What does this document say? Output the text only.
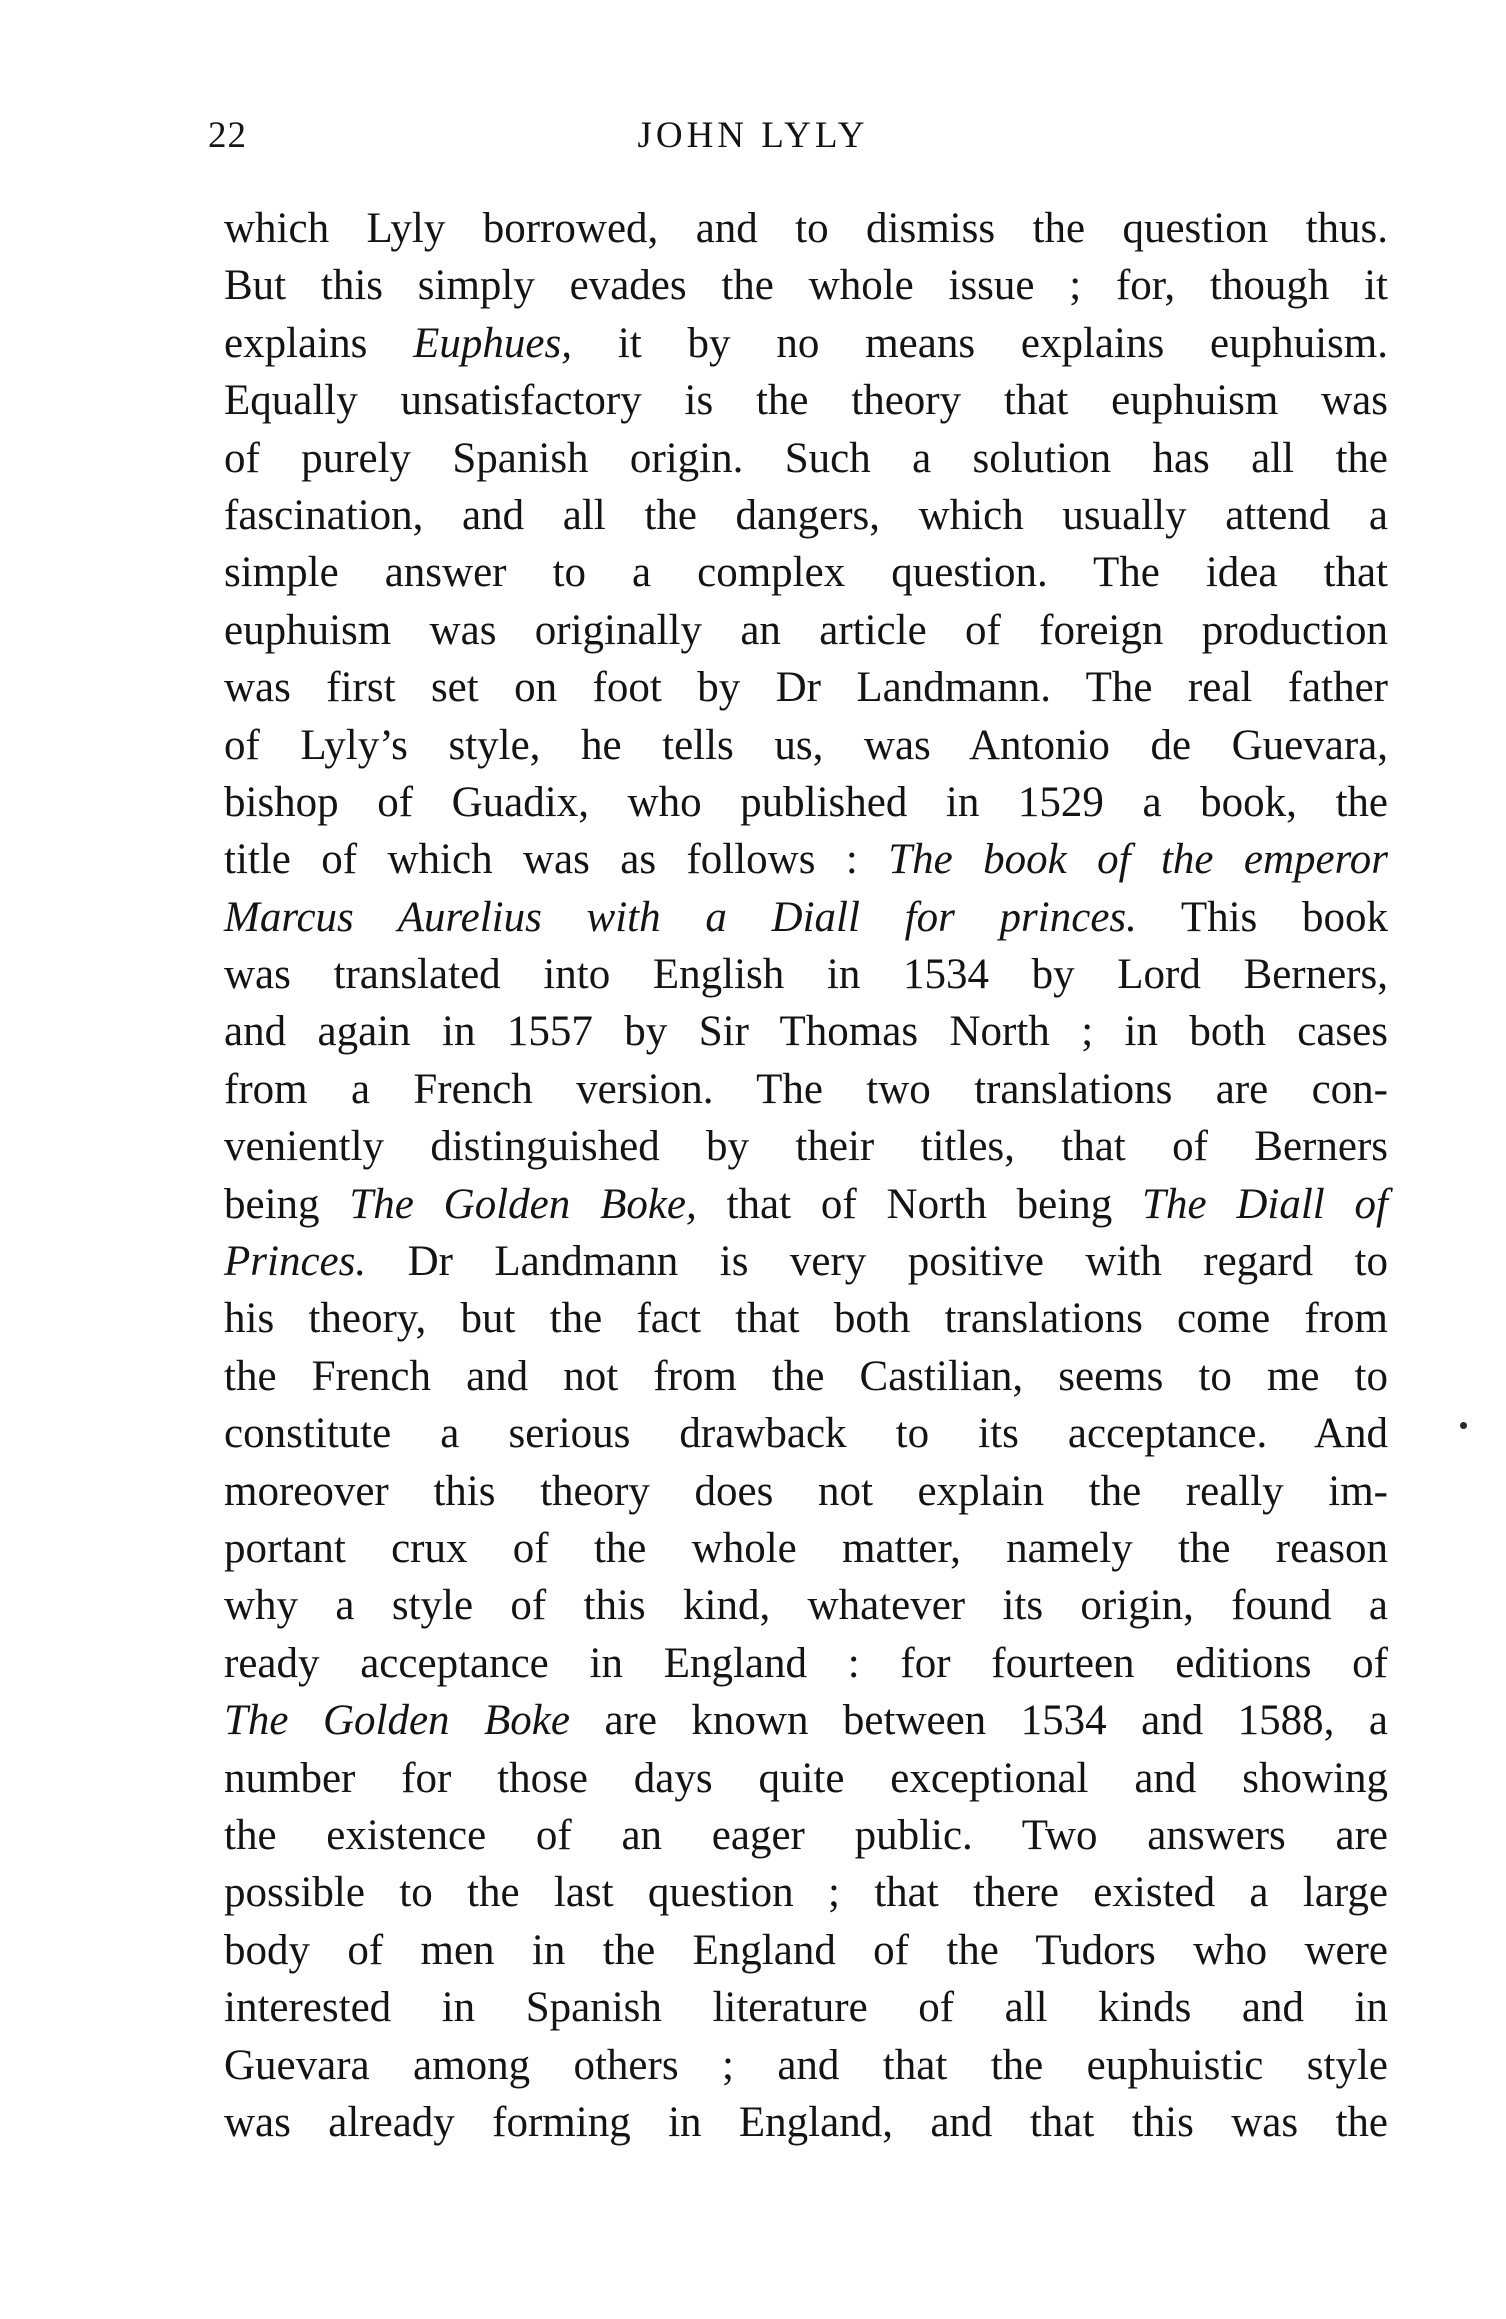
22	JOHN LYLY
which Lyly borrowed, and to dismiss the question thus.
But this simply evades the whole issue ; for, though it
explains Euphues, it by no means explains euphuism.
Equally unsatisfactory is the theory that euphuism was
of purely Spanish origin. Such a solution has all the
fascination, and all the dangers, which usually attend a
simple answer to a complex question. The idea that
euphuism was originally an article of foreign production
was first set on foot by Dr Landmann. The real father
of Lyly’s style, he tells us, was Antonio de Guevara,
bishop of Guadix, who published in 1529 a book, the
title of which was as follows : The book of the emperor
Marcus Aurelius with a Diall for princes. This book
was translated into English in 1534 by Lord Berners,
and again in 1557 by Sir Thomas North ; in both cases
from a French version. The two translations are con-
veniently distinguished by their titles, that of Berners
being The Golden Boke, that of North being The Diall of
Princes. Dr Landmann is very positive with regard to
his theory, but the fact that both translations come from
the French and not from the Castilian, seems to me to
constitute a serious drawback to its acceptance. And
moreover this theory does not explain the really im-
portant crux of the whole matter, namely the reason
why a style of this kind, whatever its origin, found a
ready acceptance in England : for fourteen editions of
The Golden Boke are known between 1534 and 1588, a
number for those days quite exceptional and showing
the existence of an eager public. Two answers are
possible to the last question ; that there existed a large
body of men in the England of the Tudors who were
interested in Spanish literature of all kinds and in
Guevara among others ; and that the euphuistic style
was already forming in England, and that this was the
